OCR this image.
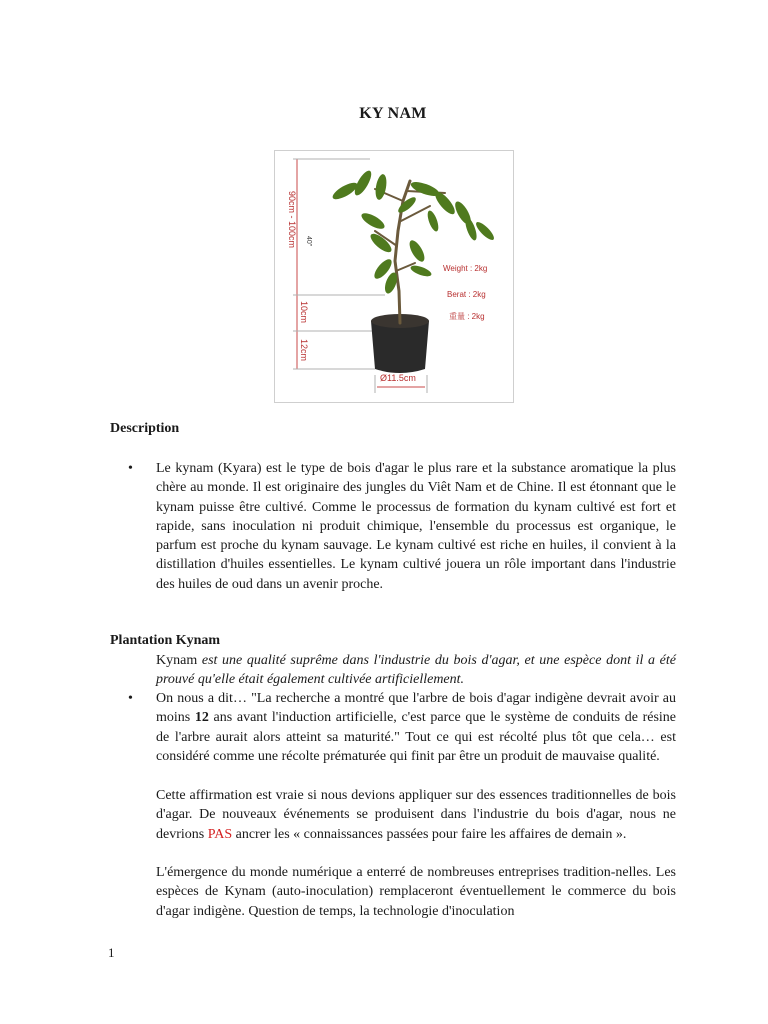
KY NAM
90cm - 100cm 40"
10cm
12cm
Ø11.5cm
Weight : 2kg
Berat : 2kg
重量 : 2kg
Description
• Le kynam (Kyara) est le type de bois d'agar le plus rare et la substance aromatique la plus chère au monde. Il est originaire des jungles du Viêt Nam et de Chine. Il est étonnant que le kynam puisse être cultivé. Comme le processus de formation du kynam cultivé est fort et rapide, sans inoculation ni produit chimique, l'ensemble du processus est organique, le parfum est proche du kynam sauvage. Le kynam cultivé est riche en huiles, il convient à la distillation d'huiles essentielles. Le kynam cultivé jouera un rôle important dans l'industrie des huiles de oud dans un avenir proche.
Plantation Kynam
Kynam est une qualité suprême dans l'industrie du bois d'agar, et une espèce dont il a été prouvé qu'elle était également cultivée artificiellement.
• On nous a dit… "La recherche a montré que l'arbre de bois d'agar indigène devrait avoir au moins 12 ans avant l'induction artificielle, c'est parce que le système de conduits de résine de l'arbre aurait alors atteint sa maturité." Tout ce qui est récolté plus tôt que cela… est considéré comme une récolte prématurée qui finit par être un produit de mauvaise qualité.
Cette affirmation est vraie si nous devions appliquer sur des essences traditionnelles de bois d'agar. De nouveaux événements se produisent dans l'industrie du bois d'agar, nous ne devrions PAS ancrer les « connaissances passées pour faire les affaires de demain ».
L'émergence du monde numérique a enterré de nombreuses entreprises tradition-nelles. Les espèces de Kynam (auto-inoculation) remplaceront éventuellement le commerce du bois d'agar indigène. Question de temps, la technologie d'inoculation
1
